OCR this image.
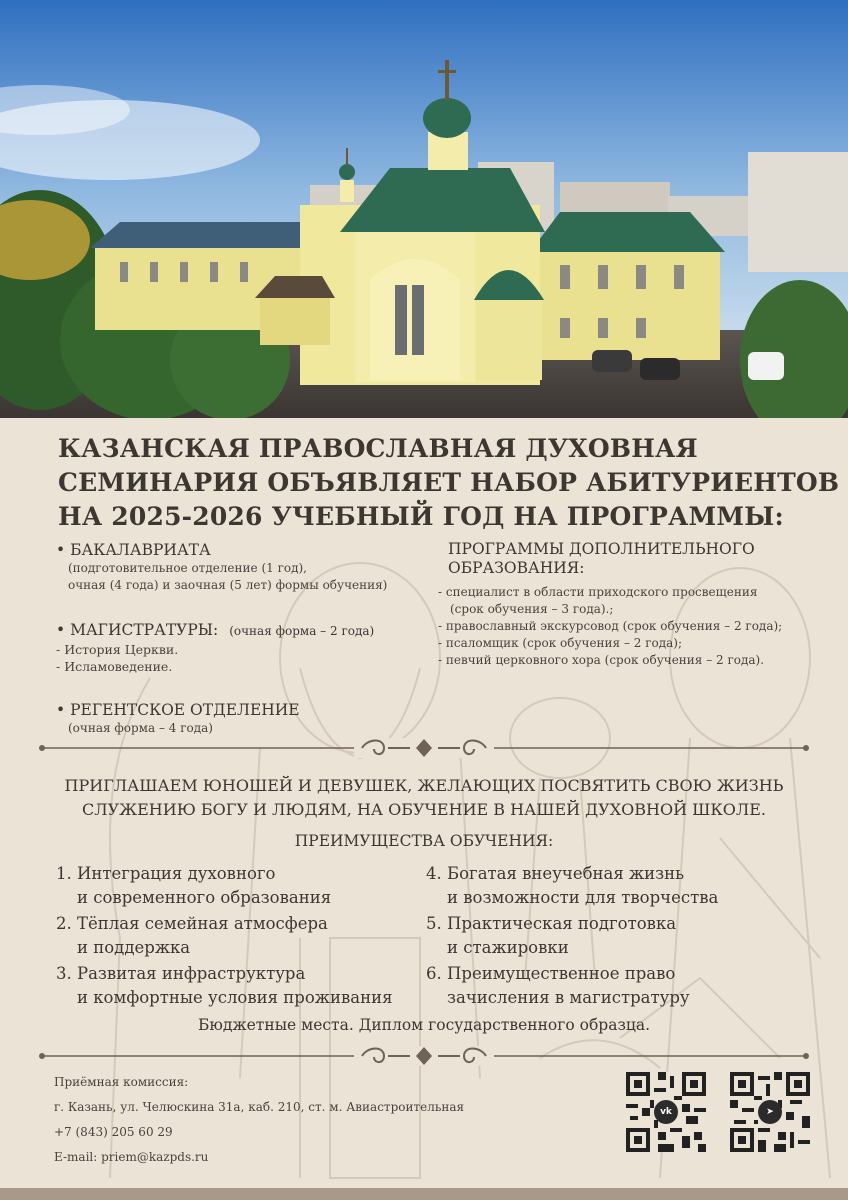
КАЗАНСКАЯ ПРАВОСЛАВНАЯ ДУХОВНАЯ
СЕМИНАРИЯ ОБЪЯВЛЯЕТ НАБОР АБИТУРИЕНТОВ
НА 2025-2026 УЧЕБНЫЙ ГОД НА ПРОГРАММЫ:
• БАКАЛАВРИАТА
(подготовительное отделение (1 год),
очная (4 года) и заочная (5 лет) формы обучения)
• МАГИСТРАТУРЫ: (очная форма – 2 года)
- История Церкви.
- Исламоведение.
• РЕГЕНТСКОЕ ОТДЕЛЕНИЕ
(очная форма – 4 года)
ПРОГРАММЫ ДОПОЛНИТЕЛЬНОГО
ОБРАЗОВАНИЯ:
- специалист в области приходского просвещения
(срок обучения – 3 года).;
- православный экскурсовод (срок обучения – 2 года);
- псаломщик (срок обучения – 2 года);
- певчий церковного хора (срок обучения – 2 года).
ПРИГЛАШАЕМ ЮНОШЕЙ И ДЕВУШЕК, ЖЕЛАЮЩИХ ПОСВЯТИТЬ СВОЮ ЖИЗНЬ
СЛУЖЕНИЮ БОГУ И ЛЮДЯМ, НА ОБУЧЕНИЕ В НАШЕЙ ДУХОВНОЙ ШКОЛЕ.
ПРЕИМУЩЕСТВА ОБУЧЕНИЯ:
1. Интеграция духовного
и современного образования
2. Тёплая семейная атмосфера
и поддержка
3. Развитая инфраструктура
и комфортные условия проживания
4. Богатая внеучебная жизнь
и возможности для творчества
5. Практическая подготовка
и стажировки
6. Преимущественное право
зачисления в магистратуру
Бюджетные места. Диплом государственного образца.
Приёмная комиссия:
г. Казань, ул. Челюскина 31а, каб. 210, ст. м. Авиастроительная
+7 (843) 205 60 29
E-mail: priem@kazpds.ru
vk	➤
